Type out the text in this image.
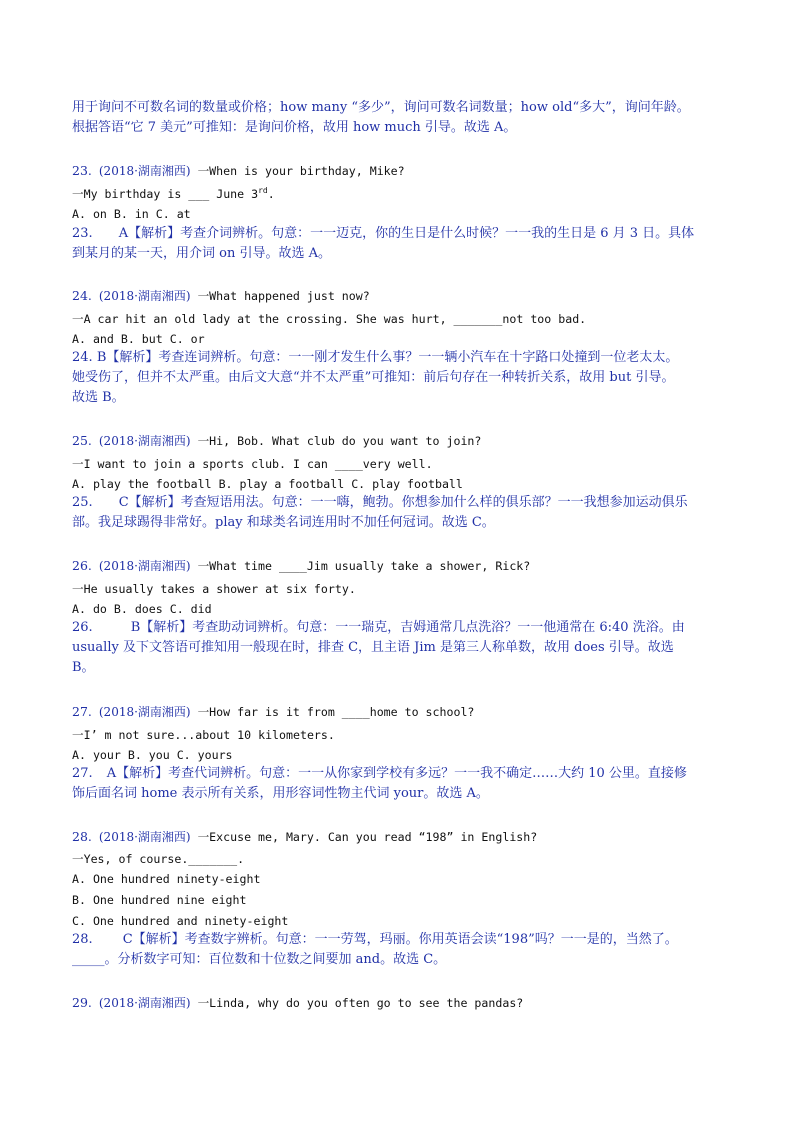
用于询问不可数名词的数量或价格；how many “多少”，询问可数名词数量；how old“多大”，询问年龄。
根据答语“它 7 美元”可推知：是询问价格，故用 how much 引导。故选 A。
23. (2018·湖南湘西) 一When is your birthday, Mike?
一My birthday is ___ June 3rd.
A. on B. in C. at
23. A【解析】考查介词辨析。句意：一一迈克，你的生日是什么时候？一一我的生日是 6 月 3 日。具体
到某月的某一天，用介词 on 引导。故选 A。
24. (2018·湖南湘西) 一What happened just now?
一A car hit an old lady at the crossing. She was hurt, _______not too bad.
A. and B. but C. or
24. B【解析】考查连词辨析。句意：一一刚才发生什么事？一一辆小汽车在十字路口处撞到一位老太太。
她受伤了，但并不太严重。由后文大意“并不太严重”可推知：前后句存在一种转折关系，故用 but 引导。
故选 B。
25. (2018·湖南湘西) 一Hi, Bob. What club do you want to join?
一I want to join a sports club. I can ____very well.
A. play the football B. play a football C. play football
25. C【解析】考查短语用法。句意：一一嗨，鲍勃。你想参加什么样的俱乐部？一一我想参加运动俱乐
部。我足球踢得非常好。play 和球类名词连用时不加任何冠词。故选 C。
26. (2018·湖南湘西) 一What time ____Jim usually take a shower, Rick?
一He usually takes a shower at six forty.
A. do B. does C. did
26.	B【解析】考查助动词辨析。句意：一一瑞克，吉姆通常几点洗浴？一一他通常在 6:40 洗浴。由
usually 及下文答语可推知用一般现在时，排查 C，且主语 Jim 是第三人称单数，故用 does 引导。故选
B。
27. (2018·湖南湘西) 一How far is it from ____home to school?
一I’ m not sure...about 10 kilometers.
A. your B. you C. yours
27. A【解析】考查代词辨析。句意：一一从你家到学校有多远？一一我不确定……大约 10 公里。直接修
饰后面名词 home 表示所有关系，用形容词性物主代词 your。故选 A。
28. (2018·湖南湘西) 一Excuse me, Mary. Can you read “198” in English?
一Yes, of course._______.
A. One hundred ninety-eight
B. One hundred nine eight
C. One hundred and ninety-eight
28. C【解析】考查数字辨析。句意：一一劳驾，玛丽。你用英语会读“198”吗？一一是的，当然了。
_____。分析数字可知：百位数和十位数之间要加 and。故选 C。
29. (2018·湖南湘西) 一Linda, why do you often go to see the pandas?
